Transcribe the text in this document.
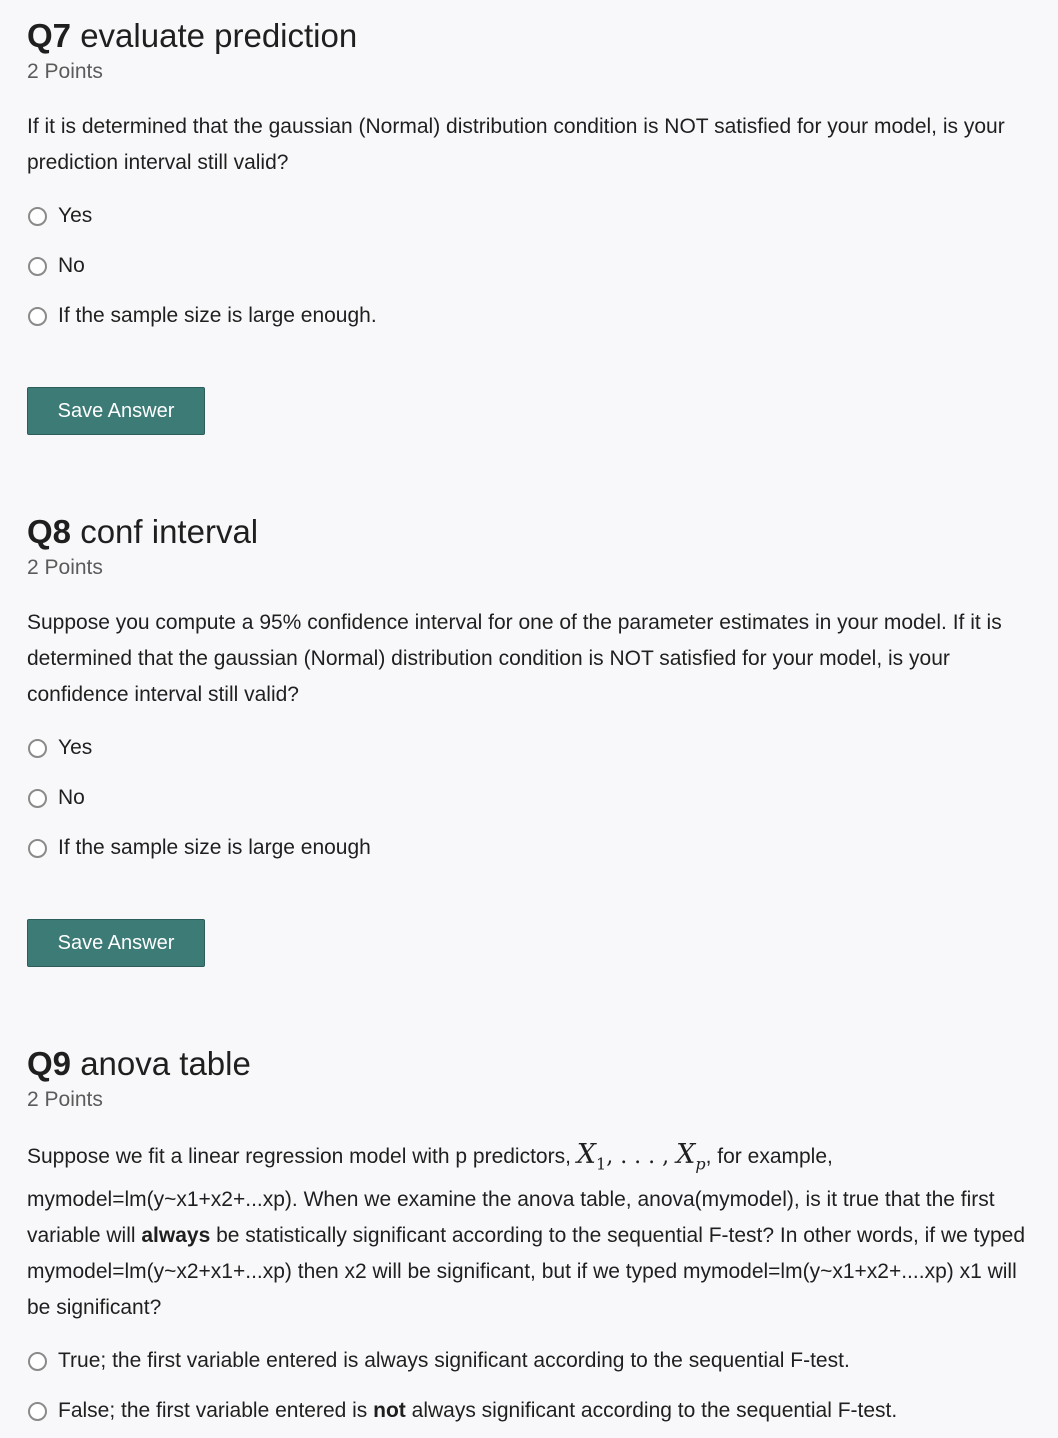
Q7 evaluate prediction
2 Points
If it is determined that the gaussian (Normal) distribution condition is NOT satisfied for your model, is your prediction interval still valid?
Yes
No
If the sample size is large enough.
Save Answer
Q8 conf interval
2 Points
Suppose you compute a 95% confidence interval for one of the parameter estimates in your model. If it is determined that the gaussian (Normal) distribution condition is NOT satisfied for your model, is your confidence interval still valid?
Yes
No
If the sample size is large enough
Save Answer
Q9 anova table
2 Points
Suppose we fit a linear regression model with p predictors, $X_1$, . . . , $X_p$, for example, mymodel=lm(y~x1+x2+...xp). When we examine the anova table, anova(mymodel), is it true that the first variable will always be statistically significant according to the sequential F-test? In other words, if we typed mymodel=lm(y~x2+x1+...xp) then x2 will be significant, but if we typed mymodel=lm(y~x1+x2+....xp) x1 will be significant?
True; the first variable entered is always significant according to the sequential F-test.
False; the first variable entered is not always significant according to the sequential F-test.
